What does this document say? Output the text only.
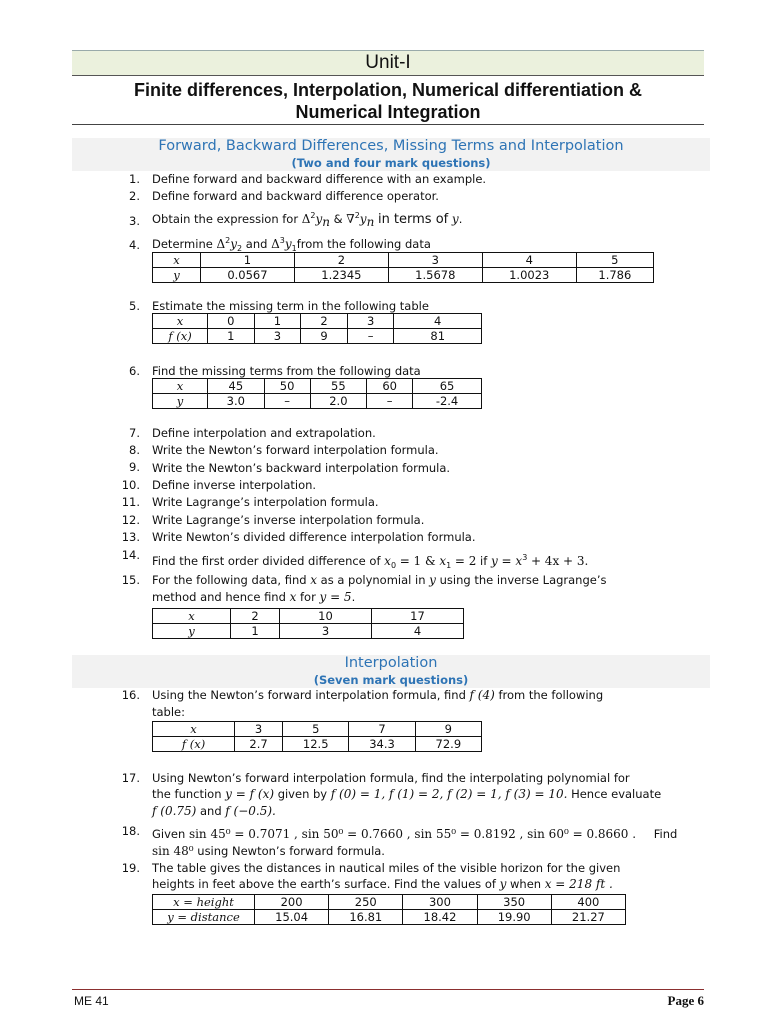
Unit-I
Finite differences, Interpolation, Numerical differentiation &
Numerical Integration
Forward, Backward Differences, Missing Terms and Interpolation
(Two and four mark questions)
1. Define forward and backward difference with an example.
2. Define forward and backward difference operator.
3. Obtain the expression for $\Delta^2y_n$ & $\nabla^2y_n$ in terms of y.
4. Determine $\Delta^2y_2$ and $\Delta^3y_1from$ the following data
x	1	2	3	4	5
y	0.0567	1.2345	1.5678	1.0023	1.786
5. Estimate the missing term in the following table
x	0	1	2	3	4
f (x)	1	3	9	–	81
6. Find the missing terms from the following data
x	45	50	55	60	65
y	3.0	–	2.0	–	-2.4
7. Define interpolation and extrapolation.
8. Write the Newton’s forward interpolation formula.
9. Write the Newton’s backward interpolation formula.
10. Define inverse interpolation.
11. Write Lagrange’s interpolation formula.
12. Write Lagrange’s inverse interpolation formula.
13. Write Newton’s divided difference interpolation formula.
14. Find the first order divided difference of $x_0 = 1$ & $x_1 = 2$ if $y = x^3 + 4x + 3$.
15. For the following data, find x as a polynomial in y using the inverse Lagrange’s
method and hence find x for y = 5.
x	2	10	17
y	1	3	4
Interpolation
(Seven mark questions)
16. Using the Newton’s forward interpolation formula, find f (4) from the following
table:
x	3	5	7	9
f (x)	2.7	12.5	34.3	72.9
17. Using Newton’s forward interpolation formula, find the interpolating polynomial for
the function y = f (x) given by f (0) = 1, f (1) = 2, f (2) = 1, f (3) = 10. Hence evaluate
f (0.75) and f (−0.5).
18. Given sin 45⁰ = 0.7071 , sin 50⁰ = 0.7660 , sin 55⁰ = 0.8192 , sin 60⁰ = 0.8660 . Find
sin 48⁰ using Newton’s forward formula.
19. The table gives the distances in nautical miles of the visible horizon for the given
heights in feet above the earth’s surface. Find the values of y when x = 218 ft .
x = height	200	250	300	350	400
y = distance	15.04	16.81	18.42	19.90	21.27
ME 41	Page 6
